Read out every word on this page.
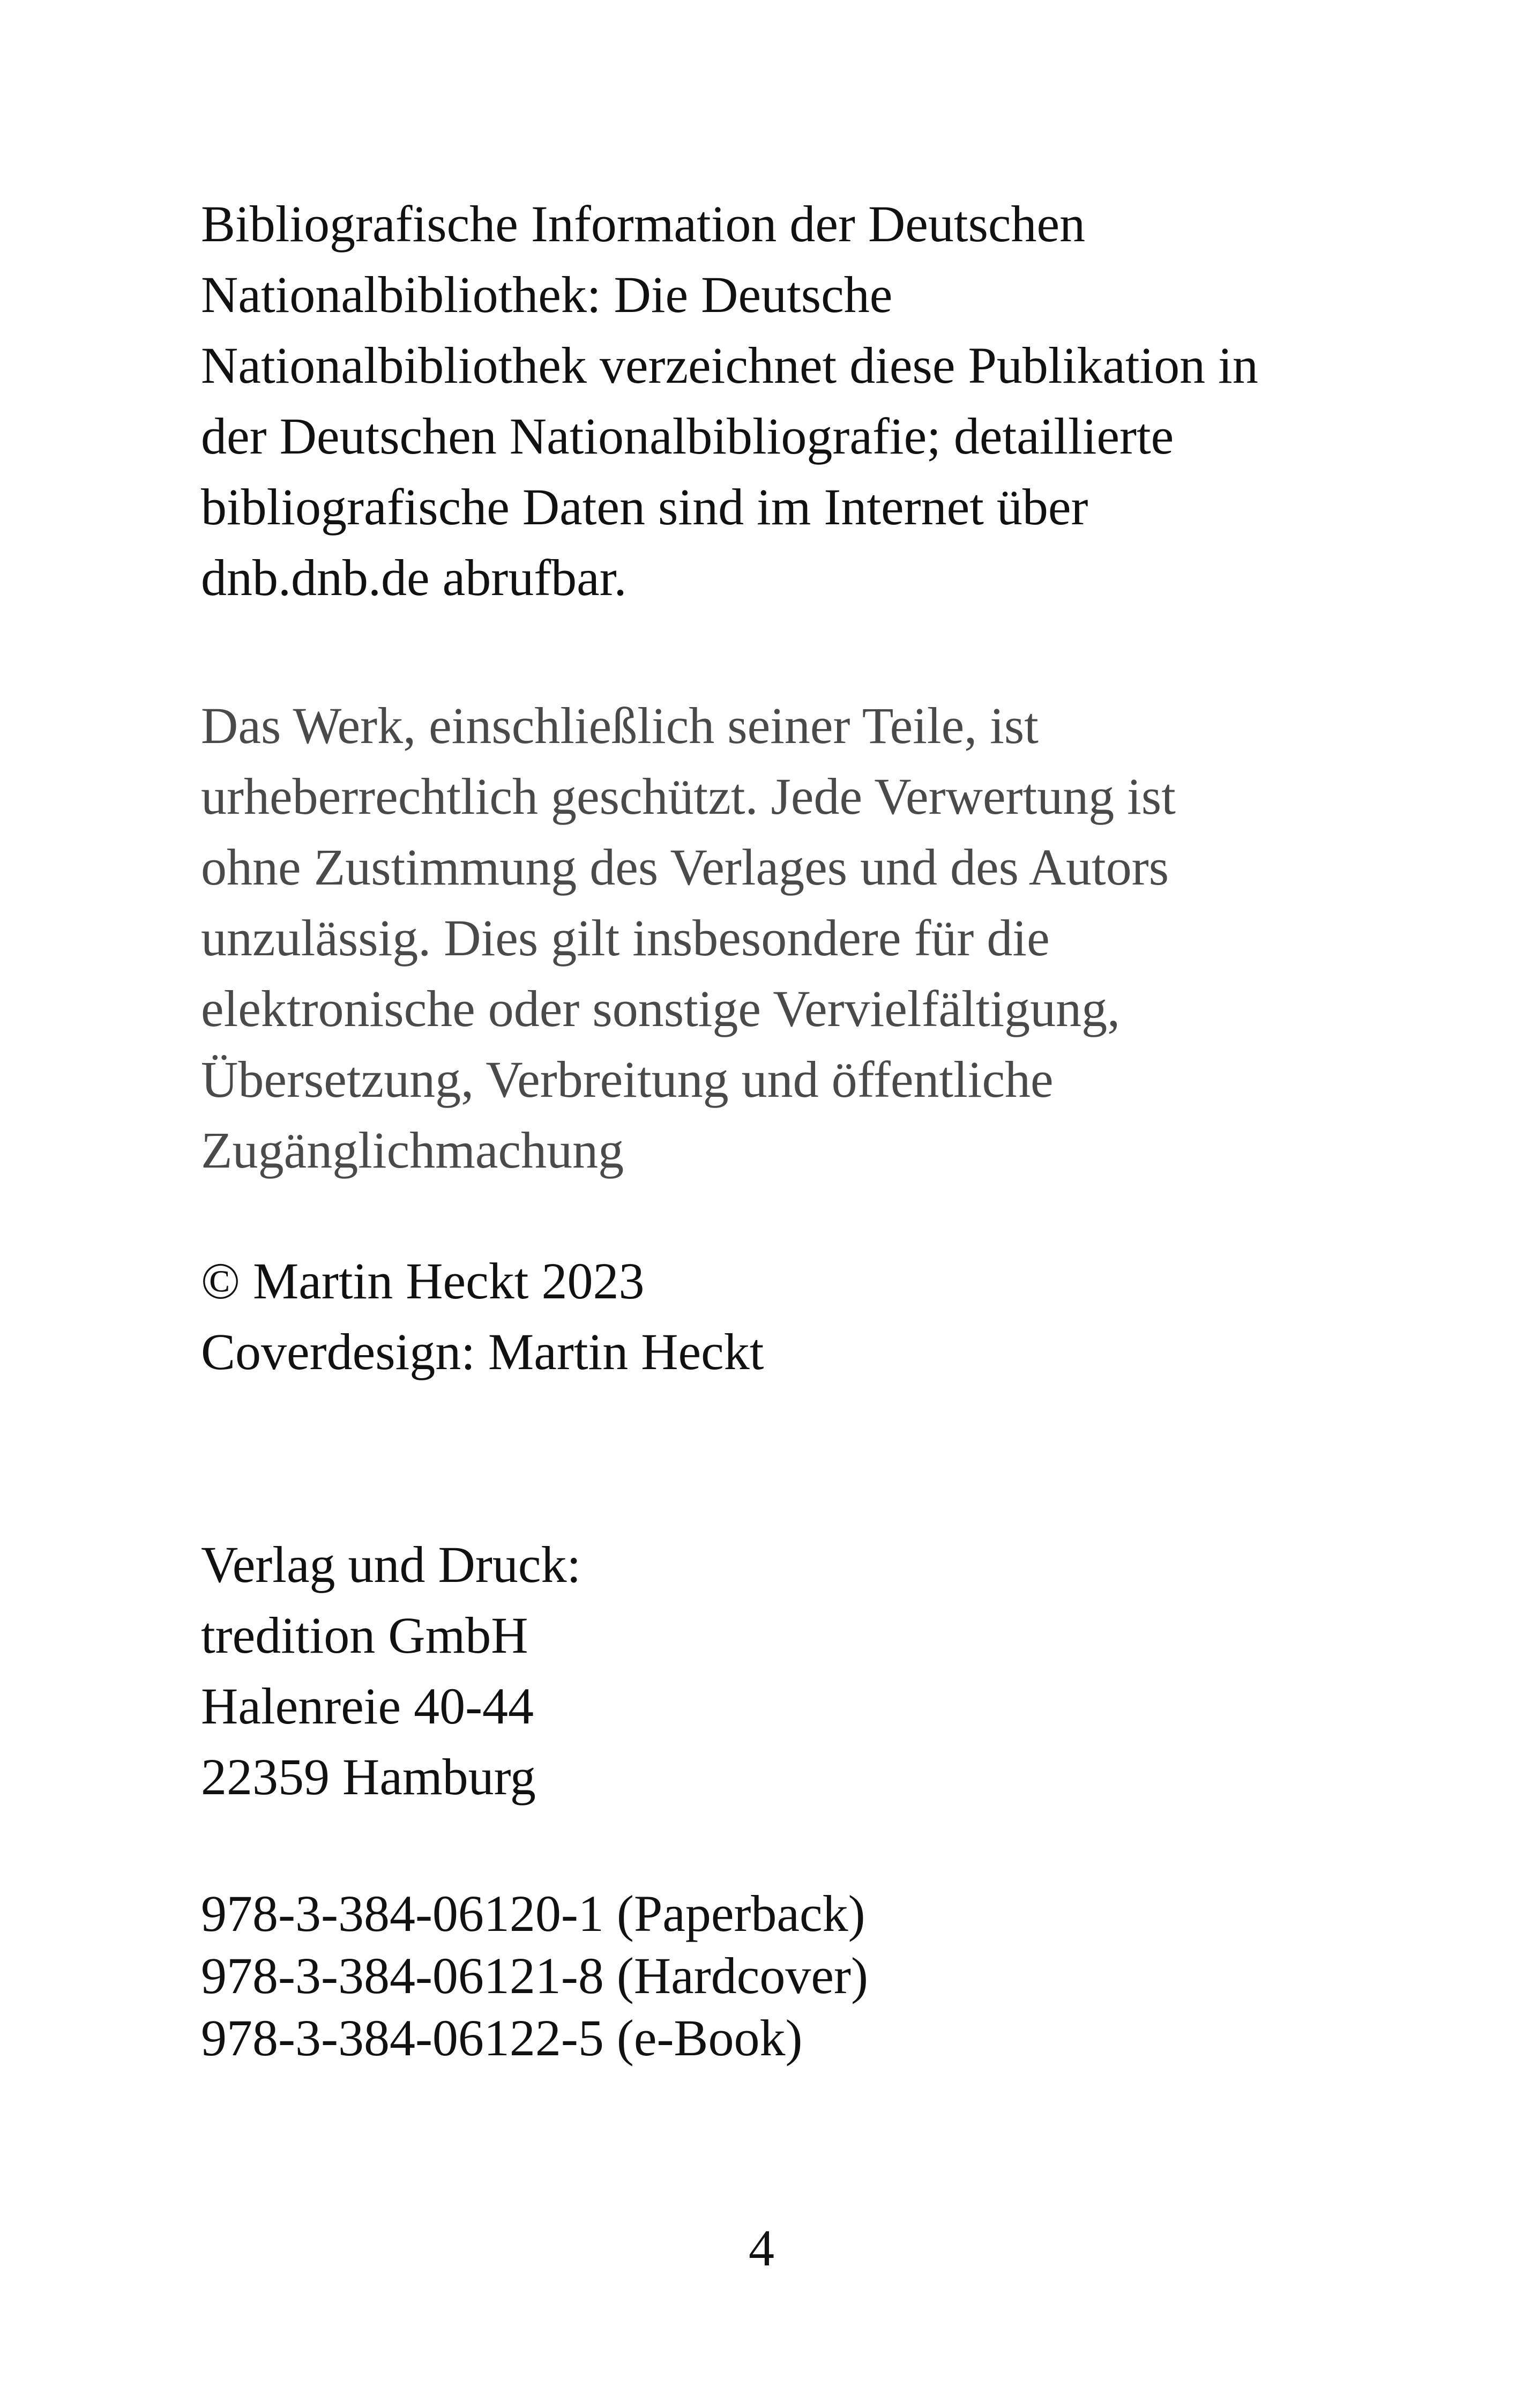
Bibliografische Information der Deutschen
Nationalbibliothek: Die Deutsche
Nationalbibliothek verzeichnet diese Publikation in
der Deutschen Nationalbibliografie; detaillierte
bibliografische Daten sind im Internet über
dnb.dnb.de abrufbar.

Das Werk, einschließlich seiner Teile, ist
urheberrechtlich geschützt. Jede Verwertung ist
ohne Zustimmung des Verlages und des Autors
unzulässig. Dies gilt insbesondere für die
elektronische oder sonstige Vervielfältigung,
Übersetzung, Verbreitung und öffentliche
Zugänglichmachung

© Martin Heckt 2023
Coverdesign: Martin Heckt

Verlag und Druck:
tredition GmbH
Halenreie 40-44
22359 Hamburg

978-3-384-06120-1 (Paperback)
978-3-384-06121-8 (Hardcover)
978-3-384-06122-5 (e-Book)

4
